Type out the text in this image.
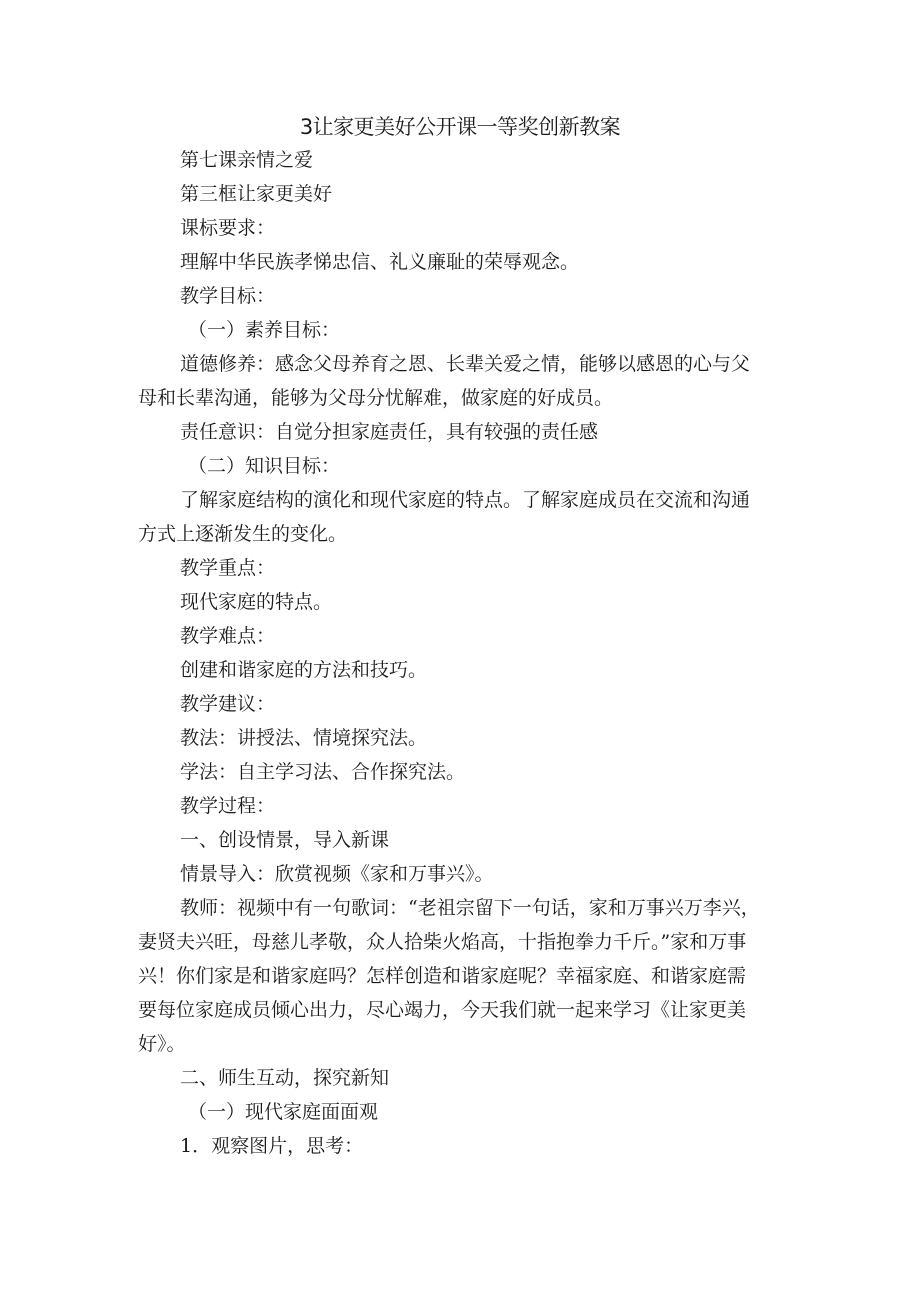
3让家更美好公开课一等奖创新教案
第七课亲情之爱
第三框让家更美好
课标要求：
理解中华民族孝悌忠信、礼义廉耻的荣辱观念。
教学目标：
（一）素养目标：
道德修养：感念父母养育之恩、长辈关爱之情，能够以感恩的心与父
母和长辈沟通，能够为父母分忧解难，做家庭的好成员。
责任意识：自觉分担家庭责任，具有较强的责任感
（二）知识目标：
了解家庭结构的演化和现代家庭的特点。了解家庭成员在交流和沟通
方式上逐渐发生的变化。
教学重点：
现代家庭的特点。
教学难点：
创建和谐家庭的方法和技巧。
教学建议：
教法：讲授法、情境探究法。
学法：自主学习法、合作探究法。
教学过程：
一、创设情景，导入新课
情景导入：欣赏视频《家和万事兴》。
教师：视频中有一句歌词：“老祖宗留下一句话，家和万事兴万李兴，
妻贤夫兴旺，母慈儿孝敬，众人拾柴火焰高，十指抱拳力千斤。”家和万事
兴！你们家是和谐家庭吗？怎样创造和谐家庭呢？幸福家庭、和谐家庭需
要每位家庭成员倾心出力，尽心竭力，今天我们就一起来学习《让家更美
好》。
二、师生互动，探究新知
（一）现代家庭面面观
1．观察图片，思考：
